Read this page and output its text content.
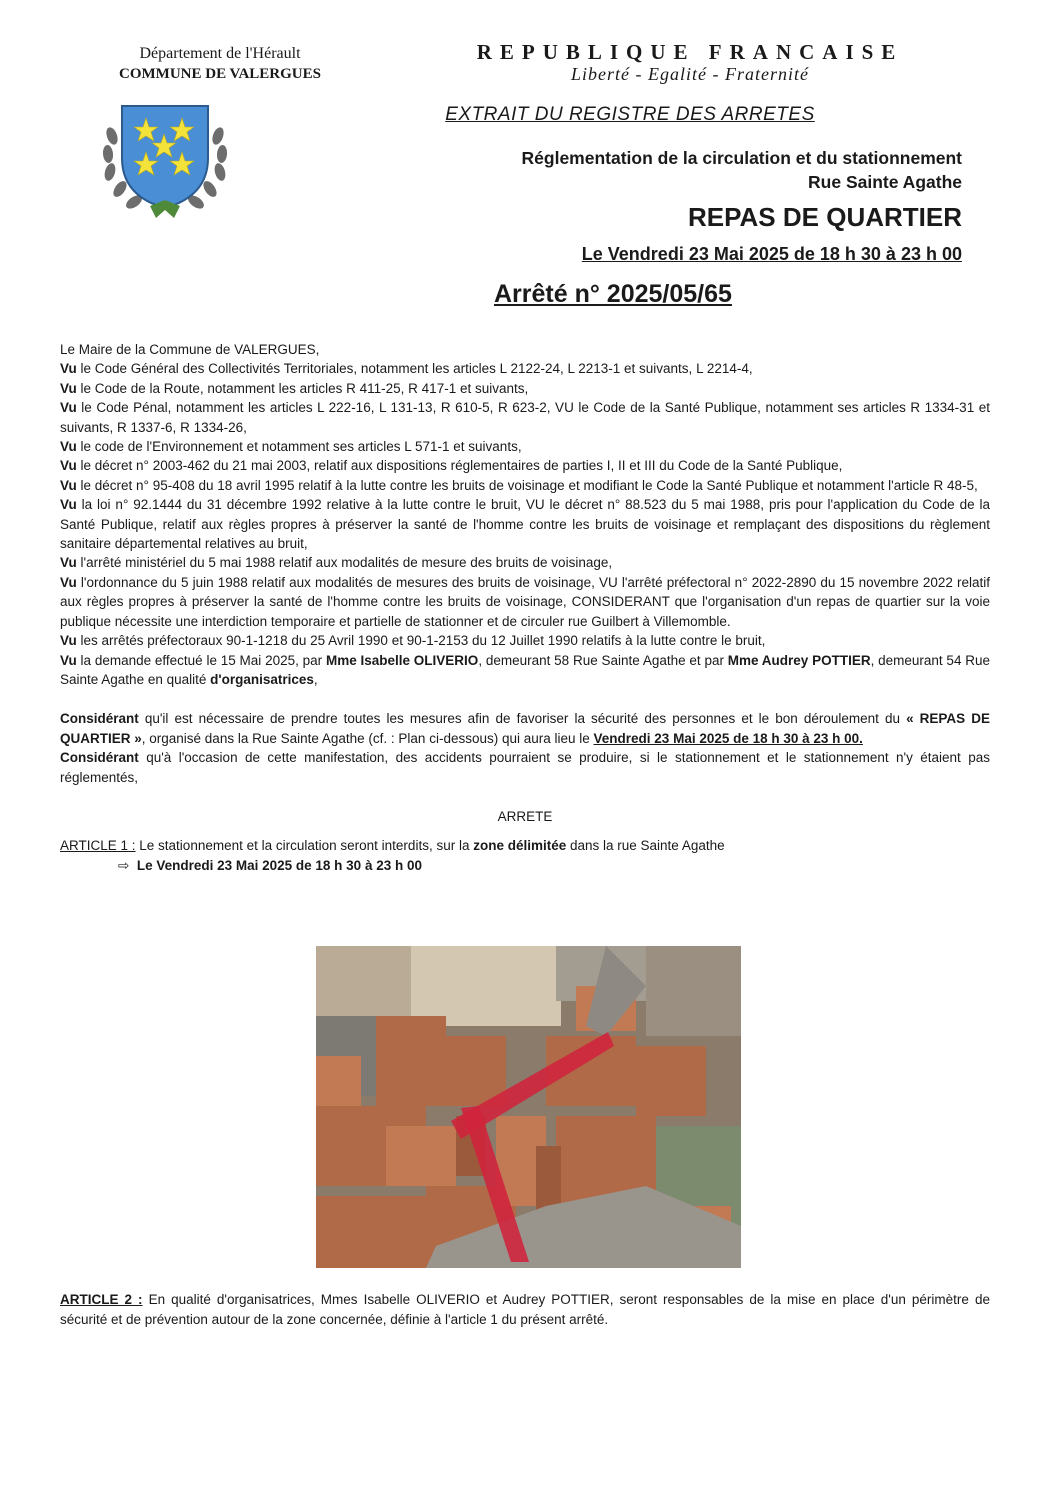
Département de l'Hérault
COMMUNE DE VALERGUES
REPUBLIQUE FRANCAISE
Liberté - Egalité - Fraternité
EXTRAIT DU REGISTRE DES ARRETES
Réglementation de la circulation et du stationnement
Rue Sainte Agathe
REPAS DE QUARTIER
Le Vendredi 23 Mai 2025 de 18 h 30 à 23 h 00
Arrêté n° 2025/05/65

Le Maire de la Commune de VALERGUES,

Vu le Code Général des Collectivités Territoriales, notamment les articles L 2122-24, L 2213-1 et suivants, L 2214-4,

Vu le Code de la Route, notamment les articles R 411-25, R 417-1 et suivants,

Vu le Code Pénal, notamment les articles L 222-16, L 131-13, R 610-5, R 623-2, VU le Code de la Santé Publique, notamment ses articles R 1334-31 et suivants, R 1337-6, R 1334-26,

Vu le code de l'Environnement et notamment ses articles L 571-1 et suivants,

Vu le décret n° 2003-462 du 21 mai 2003, relatif aux dispositions réglementaires de parties I, II et III du Code de la Santé Publique,

Vu le décret n° 95-408 du 18 avril 1995 relatif à la lutte contre les bruits de voisinage et modifiant le Code la Santé Publique et notamment l'article R 48-5,

Vu la loi n° 92.1444 du 31 décembre 1992 relative à la lutte contre le bruit, VU le décret n° 88.523 du 5 mai 1988, pris pour l'application du Code de la Santé Publique, relatif aux règles propres à préserver la santé de l'homme contre les bruits de voisinage et remplaçant des dispositions du règlement sanitaire départemental relatives au bruit,

Vu l'arrêté ministériel du 5 mai 1988 relatif aux modalités de mesure des bruits de voisinage,

Vu l'ordonnance du 5 juin 1988 relatif aux modalités de mesures des bruits de voisinage, VU l'arrêté préfectoral n° 2022-2890 du 15 novembre 2022 relatif aux règles propres à préserver la santé de l'homme contre les bruits de voisinage, CONSIDERANT que l'organisation d'un repas de quartier sur la voie publique nécessite une interdiction temporaire et partielle de stationner et de circuler rue Guilbert à Villemomble.

Vu les arrêtés préfectoraux 90-1-1218 du 25 Avril 1990 et 90-1-2153 du 12 Juillet 1990 relatifs à la lutte contre le bruit,

Vu la demande effectué le 15 Mai 2025, par Mme Isabelle OLIVERIO, demeurant 58 Rue Sainte Agathe et par Mme Audrey POTTIER, demeurant 54 Rue Sainte Agathe en qualité d'organisatrices,

Considérant qu'il est nécessaire de prendre toutes les mesures afin de favoriser la sécurité des personnes et le bon déroulement du « REPAS DE QUARTIER », organisé dans la Rue Sainte Agathe (cf. : Plan ci-dessous) qui aura lieu le Vendredi 23 Mai 2025 de 18 h 30 à 23 h 00.

Considérant qu'à l'occasion de cette manifestation, des accidents pourraient se produire, si le stationnement et le stationnement n'y étaient pas réglementés,

ARRETE

ARTICLE 1 : Le stationnement et la circulation seront interdits, sur la zone délimitée dans la rue Sainte Agathe

⇨ Le Vendredi 23 Mai 2025 de 18 h 30 à 23 h 00

ARTICLE 2 : En qualité d'organisatrices, Mmes Isabelle OLIVERIO et Audrey POTTIER, seront responsables de la mise en place d'un périmètre de sécurité et de prévention autour de la zone concernée, définie à l'article 1 du présent arrêté.
